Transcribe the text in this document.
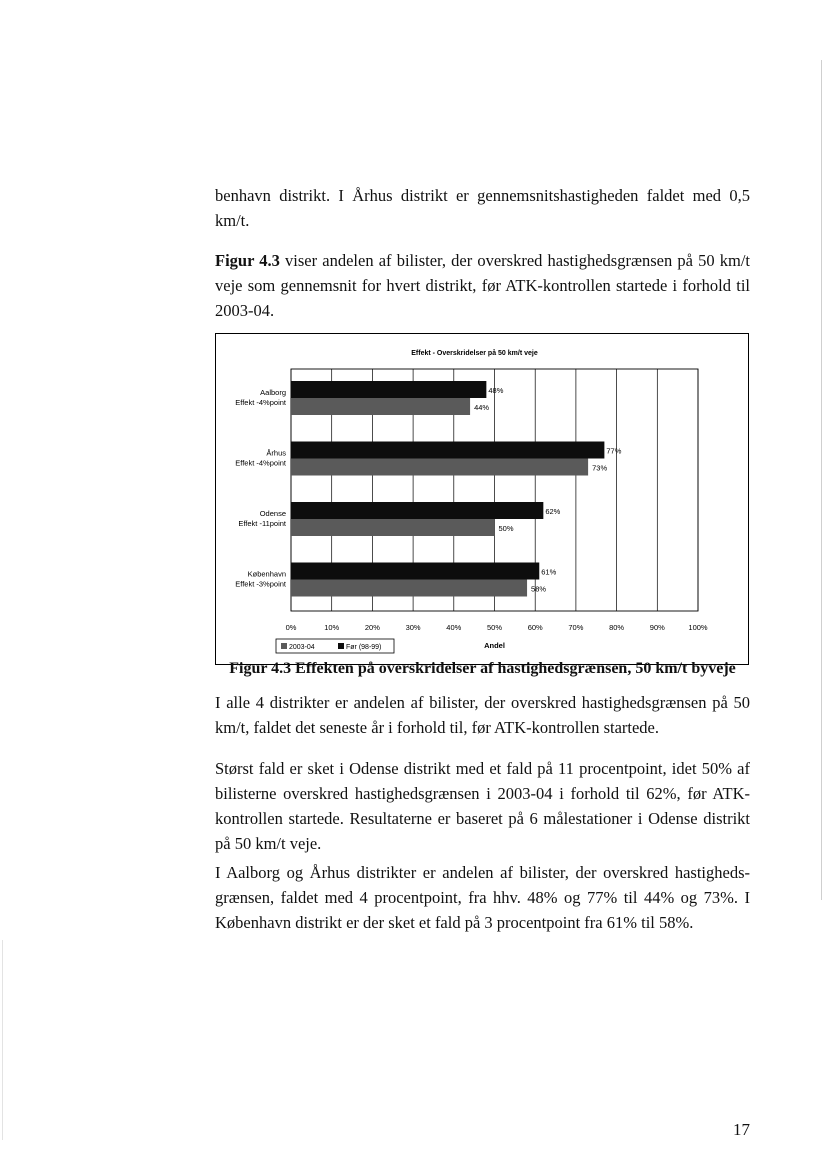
benhavn distrikt. I Århus distrikt er gennemsnitshastigheden faldet med 0,5 km/t.

Figur 4.3 viser andelen af bilister, der overskred hastighedsgrænsen på 50 km/t veje som gennemsnit for hvert distrikt, før ATK-kontrollen startede i forhold til 2003-04.

Effekt - Overskridelser på 50 km/t veje
0%	10%	20%	30%	40%	50%	60%	70%	80%	90%	100%
48%
44%
Aalborg
Effekt -4%point
77%
73%
Århus
Effekt -4%point
62%
50%
Odense
Effekt -11point
61%
58%
København
Effekt -3%point
Andel
2003-04	Før (98-99)
Figur 4.3 Effekten på overskridelser af hastighedsgrænsen, 50 km/t byveje

I alle 4 distrikter er andelen af bilister, der overskred hastighedsgrænsen på 50 km/t, faldet det seneste år i forhold til, før ATK-kontrollen startede.

Størst fald er sket i Odense distrikt med et fald på 11 procentpoint, idet 50% af bilisterne overskred hastighedsgrænsen i 2003-04 i forhold til 62%, før ATK-kontrollen startede. Resultaterne er baseret på 6 målestationer i Odense distrikt på 50 km/t veje.

I Aalborg og Århus distrikter er andelen af bilister, der overskred hastigheds-grænsen, faldet med 4 procentpoint, fra hhv. 48% og 77% til 44% og 73%. I København distrikt er der sket et fald på 3 procentpoint fra 61% til 58%.

17
